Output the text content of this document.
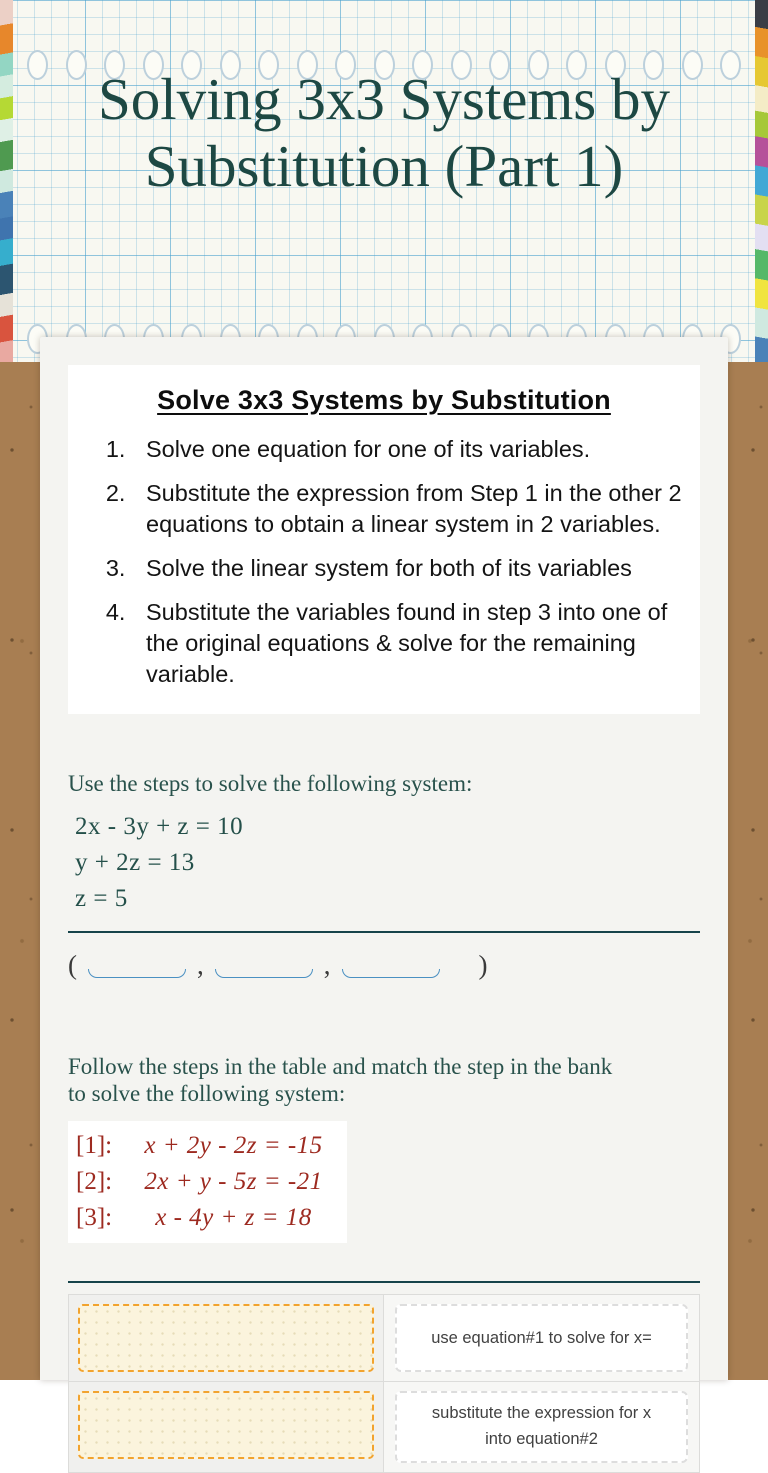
Solving 3x3 Systems by Substitution (Part 1)
Solve 3x3 Systems by Substitution
1. Solve one equation for one of its variables.
2. Substitute the expression from Step 1 in the other 2 equations to obtain a linear system in 2 variables.
3. Solve the linear system for both of its variables
4. Substitute the variables found in step 3 into one of the original equations & solve for the remaining variable.

Use the steps to solve the following system:

2x - 3y + z = 10
y + 2z = 13
z = 5
(	,	,	)

Follow the steps in the table and match the step in the bank
to solve the following system:

[1]:	x + 2y - 2z = -15
[2]:	2x + y - 5z = -21
[3]:	x - 4y + z = 18
use equation#1 to solve for x=
substitute the expression for x into equation#2
